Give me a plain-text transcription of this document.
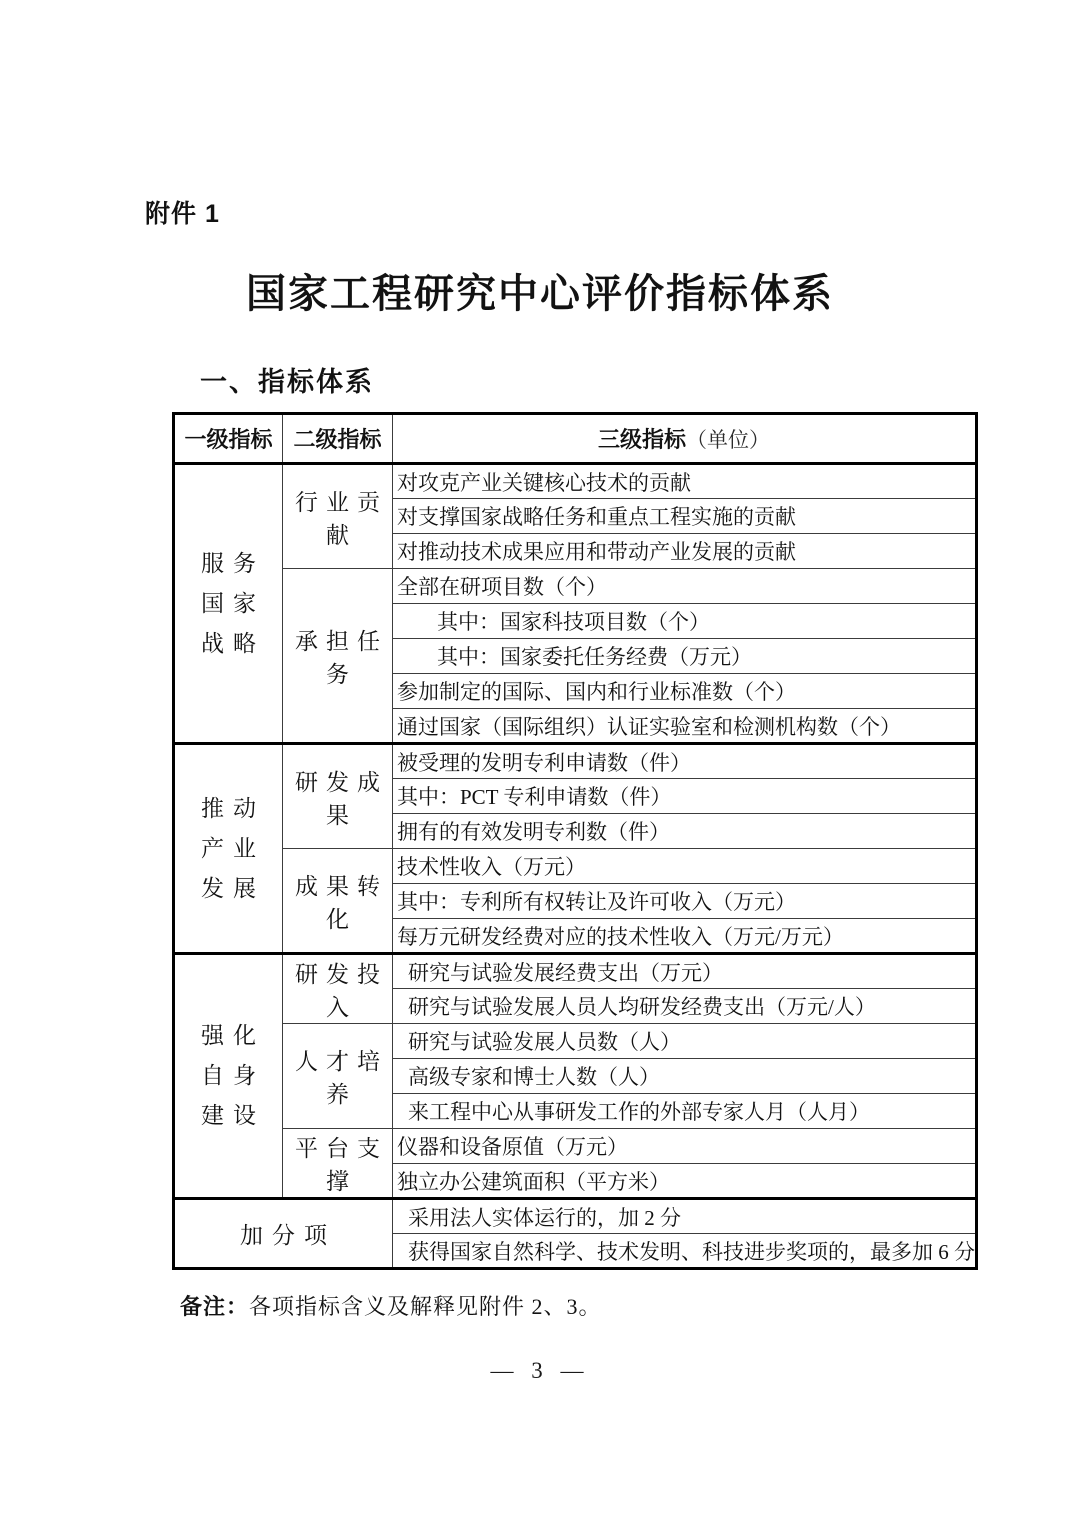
附件 1
国家工程研究中心评价指标体系
一、指标体系
一级指标	二级指标	三级指标（单位）

服务
国家
战略	行业贡献	对攻克产业关键核心技术的贡献
		对支撑国家战略任务和重点工程实施的贡献
		对推动技术成果应用和带动产业发展的贡献
	承担任务	全部在研项目数（个）
		其中：国家科技项目数（个）
		其中：国家委托任务经费（万元）
		参加制定的国际、国内和行业标准数（个）
		通过国家（国际组织）认证实验室和检测机构数（个）

推动
产业
发展	研发成果	被受理的发明专利申请数（件）
		其中：PCT 专利申请数（件）
		拥有的有效发明专利数（件）
	成果转化	技术性收入（万元）
		其中：专利所有权转让及许可收入（万元）
		每万元研发经费对应的技术性收入（万元/万元）

强化
自身
建设	研发投入	研究与试验发展经费支出（万元）
		研究与试验发展人员人均研发经费支出（万元/人）
	人才培养	研究与试验发展人员数（人）
		高级专家和博士人数（人）
		来工程中心从事研发工作的外部专家人月（人月）
	平台支撑	仪器和设备原值（万元）
		独立办公建筑面积（平方米）
加分项		采用法人实体运行的，加 2 分
		获得国家自然科学、技术发明、科技进步奖项的，最多加 6 分
备注：各项指标含义及解释见附件 2、3。
— 3 —
